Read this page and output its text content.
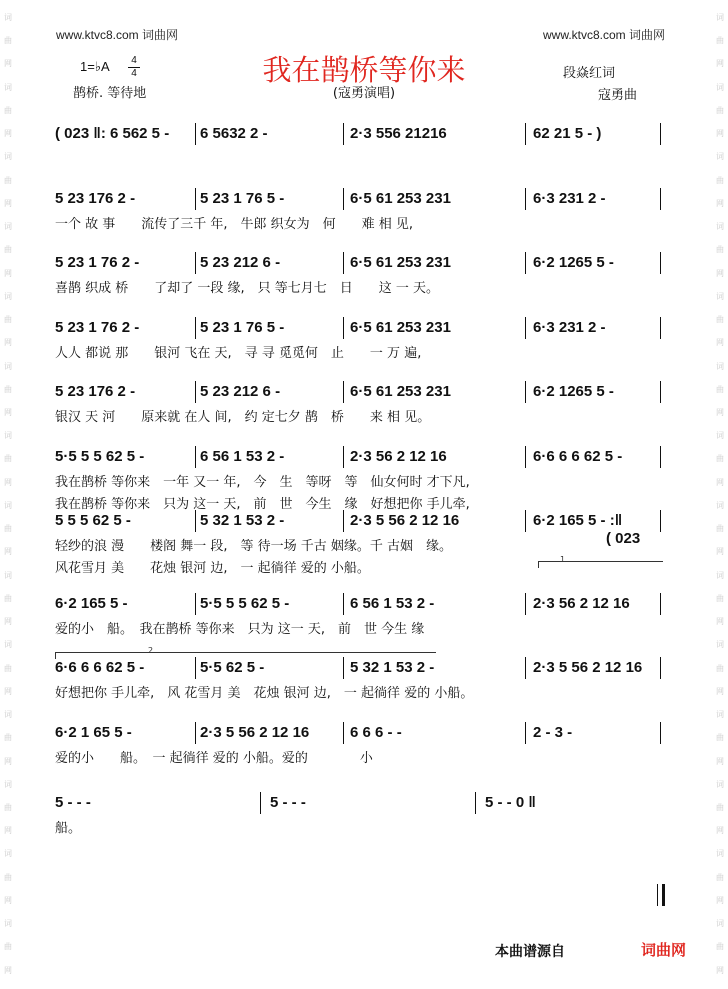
词
曲
网
词
曲
网
词
曲
网
词
曲
网
词
曲
网
词
曲
网
词
曲
网
词
曲
网
词
曲
网
词
曲
网
词
曲
网
词
曲
网
词
曲
网
词
曲
网
词
曲
网
词
曲
网
词
曲
网
词
曲
网
词
曲
网
词
曲
网
词
曲
网
词
曲
网
词
曲
网
词
曲
网
词
曲
网
词
曲
网
词
曲
网
词
曲
网
www.ktvc8.com 词曲网	www.ktvc8.com 词曲网
我在鹊桥等你来
1=♭A	4
4
鹊桥. 等待地	(寇勇演唱)
段焱红词
寇勇曲
( 023 ‖: 6 562 5 - 6 5632 2 -	2·3 556 21216	62 21 5 - )
5 23 176 2 -	5 23 1 76 5 -	6·5 61 253 231	6·3 231 2 -
一个 故 事　　流传了三千 年,　牛郎 织女为　何　　难 相 见,
5 23 1 76 2 -	5 23 212 6 -	6·5 61 253 231	6·2 1265 5 -
喜鹊 织成 桥　　了却了 一段 缘,　只 等七月七　日　　这 一 天。
5 23 1 76 2 -	5 23 1 76 5 -	6·5 61 253 231	6·3 231 2 -
人人 都说 那　　银河 飞在 天,　寻 寻 觅觅何　止　　一 万 遍,
5 23 176 2 -	5 23 212 6 -	6·5 61 253 231	6·2 1265 5 -
银汉 天 河　　原来就 在人 间,　约 定七夕 鹊　桥　　来 相 见。
5·5 5 5 62 5 -	6 56 1 53 2 -	2·3 56 2 12 16	6·6 6 6 62 5 -
我在鹊桥 等你来　一年 又一 年,　今　生　等呀　等　仙女何时 才下凡,
我在鹊桥 等你来　只为 这一 天,　前　世　今生　缘　好想把你 手儿牵,
5 5 5 62 5 -	5 32 1 53 2 -	2·3 5 56 2 12 16	6·2 165 5 - :‖
轻纱的浪 漫　　楼阁 舞一 段,　等 待一场 千古 姻缘。千 古姻　缘。
风花雪月 美　　花烛 银河 边,　一 起徜徉 爱的 小船。
6·2 165 5 -	5·5 5 5 62 5 -	6 56 1 53 2 -	2·3 56 2 12 16
爱的小　船。　我在鹊桥 等你来　只为 这一 天,　前　世 今生 缘
6·6 6 6 62 5 -	5·5 62 5 -	5 32 1 53 2 -	2·3 5 56 2 12 16
好想把你 手儿牵,　风 花雪月 美　花烛 银河 边,　一 起徜徉 爱的 小船。
6·2 1 65 5 -	2·3 5 56 2 12 16	6 6 6 - -	2 - 3 -
爱的小　　船。　一 起徜徉 爱的 小船。爱的　　　　小
5 - - -	5 - - -	5 - - 0 ‖
船。
( 023
1
2
本曲谱源自	词曲网
